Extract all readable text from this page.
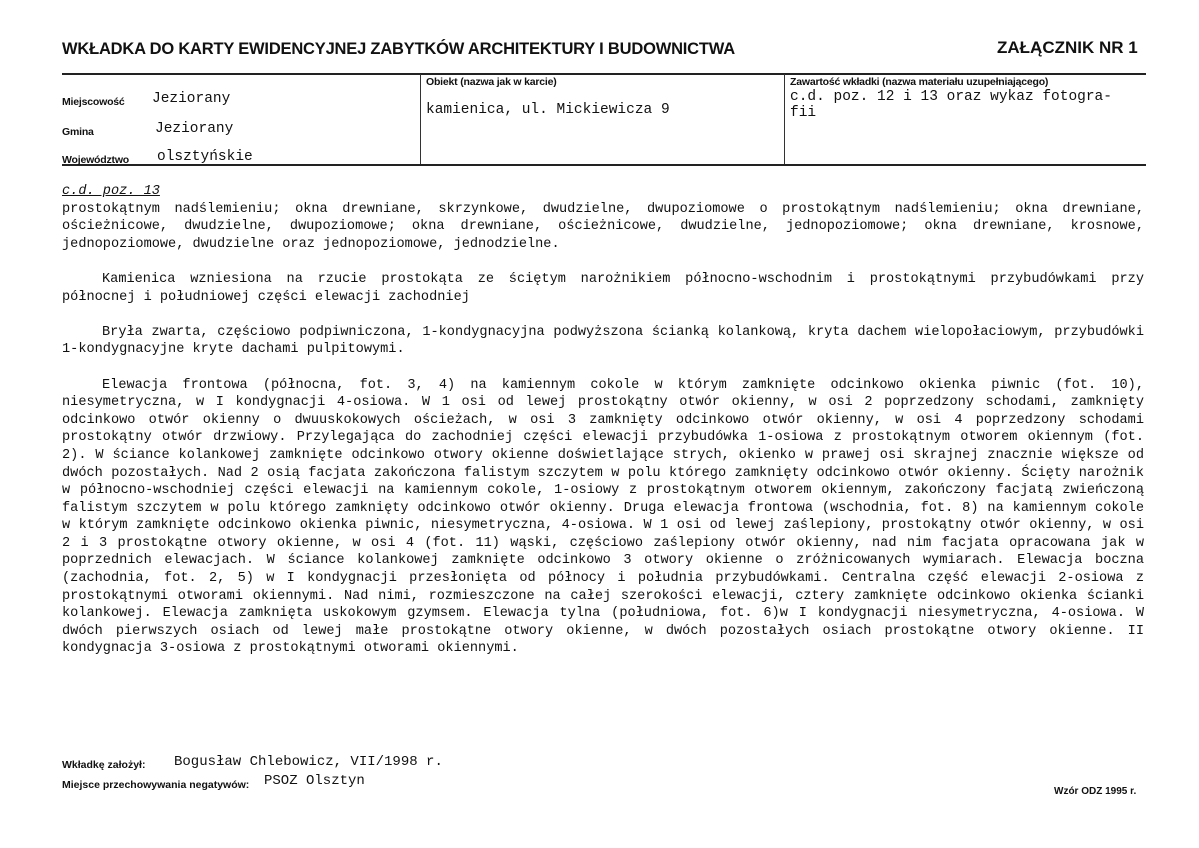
WKŁADKA DO KARTY EWIDENCYJNEJ ZABYTKÓW ARCHITEKTURY I BUDOWNICTWA	ZAŁĄCZNIK NR 1
Miejscowość Jeziorany
Gmina	Jeziorany
Województwo olsztyńskie
Obiekt (nazwa jak w karcie)
kamienica, ul. Mickiewicza 9
Zawartość wkładki (nazwa materiału uzupełniającego)
c.d. poz. 12 i 13 oraz wykaz fotogra-
fii
c.d. poz. 13

prostokątnym nadślemieniu; okna drewniane, skrzynkowe, dwudzielne, dwupoziomowe o prostokątnym nadślemieniu; okna drewniane, ościeżnicowe, dwudzielne, dwupoziomowe; okna drewniane, ościeżnicowe, dwudzielne, jednopoziomowe; okna drewniane, krosnowe, jednopoziomowe, dwudzielne oraz jednopoziomowe, jednodzielne.

Kamienica wzniesiona na rzucie prostokąta ze ściętym narożnikiem północno-wschodnim i prostokątnymi przybudówkami przy północnej i południowej części elewacji zachodniej

Bryła zwarta, częściowo podpiwniczona, 1-kondygnacyjna podwyższona ścianką kolankową, kryta dachem wielopołaciowym, przybudówki 1-kondygnacyjne kryte dachami pulpitowymi.

Elewacja frontowa (północna, fot. 3, 4) na kamiennym cokole w którym zamknięte odcinkowo okienka piwnic (fot. 10), niesymetryczna, w I kondygnacji 4-osiowa. W 1 osi od lewej prostokątny otwór okienny, w osi 2 poprzedzony schodami, zamknięty odcinkowo otwór okienny o dwuuskokowych ościeżach, w osi 3 zamknięty odcinkowo otwór okienny, w osi 4 poprzedzony schodami prostokątny otwór drzwiowy. Przylegająca do zachodniej części elewacji przybudówka 1-osiowa z prostokątnym otworem okiennym (fot. 2). W ściance kolankowej zamknięte odcinkowo otwory okienne doświetlające strych, okienko w prawej osi skrajnej znacznie większe od dwóch pozostałych. Nad 2 osią facjata zakończona falistym szczytem w polu którego zamknięty odcinkowo otwór okienny. Ścięty narożnik w północno-wschodniej części elewacji na kamiennym cokole, 1-osiowy z prostokątnym otworem okiennym, zakończony facjatą zwieńczoną falistym szczytem w polu którego zamknięty odcinkowo otwór okienny. Druga elewacja frontowa (wschodnia, fot. 8) na kamiennym cokole w którym zamknięte odcinkowo okienka piwnic, niesymetryczna, 4-osiowa. W 1 osi od lewej zaślepiony, prostokątny otwór okienny, w osi 2 i 3 prostokątne otwory okienne, w osi 4 (fot. 11) wąski, częściowo zaślepiony otwór okienny, nad nim facjata opracowana jak w poprzednich elewacjach. W ściance kolankowej zamknięte odcinkowo 3 otwory okienne o zróżnicowanych wymiarach. Elewacja boczna (zachodnia, fot. 2, 5) w I kondygnacji przesłonięta od północy i południa przybudówkami. Centralna część elewacji 2-osiowa z prostokątnymi otworami okiennymi. Nad nimi, rozmieszczone na całej szerokości elewacji, cztery zamknięte odcinkowo okienka ścianki kolankowej. Elewacja zamknięta uskokowym gzymsem. Elewacja tylna (południowa, fot. 6)w I kondygnacji niesymetryczna, 4-osiowa. W dwóch pierwszych osiach od lewej małe prostokątne otwory okienne, w dwóch pozostałych osiach prostokątne otwory okienne. II kondygnacja 3-osiowa z prostokątnymi otworami okiennymi.

Wkładkę założył: Bogusław Chlebowicz, VII/1998 r.
Miejsce przechowywania negatywów: PSOZ Olsztyn
Wzór ODZ 1995 r.
